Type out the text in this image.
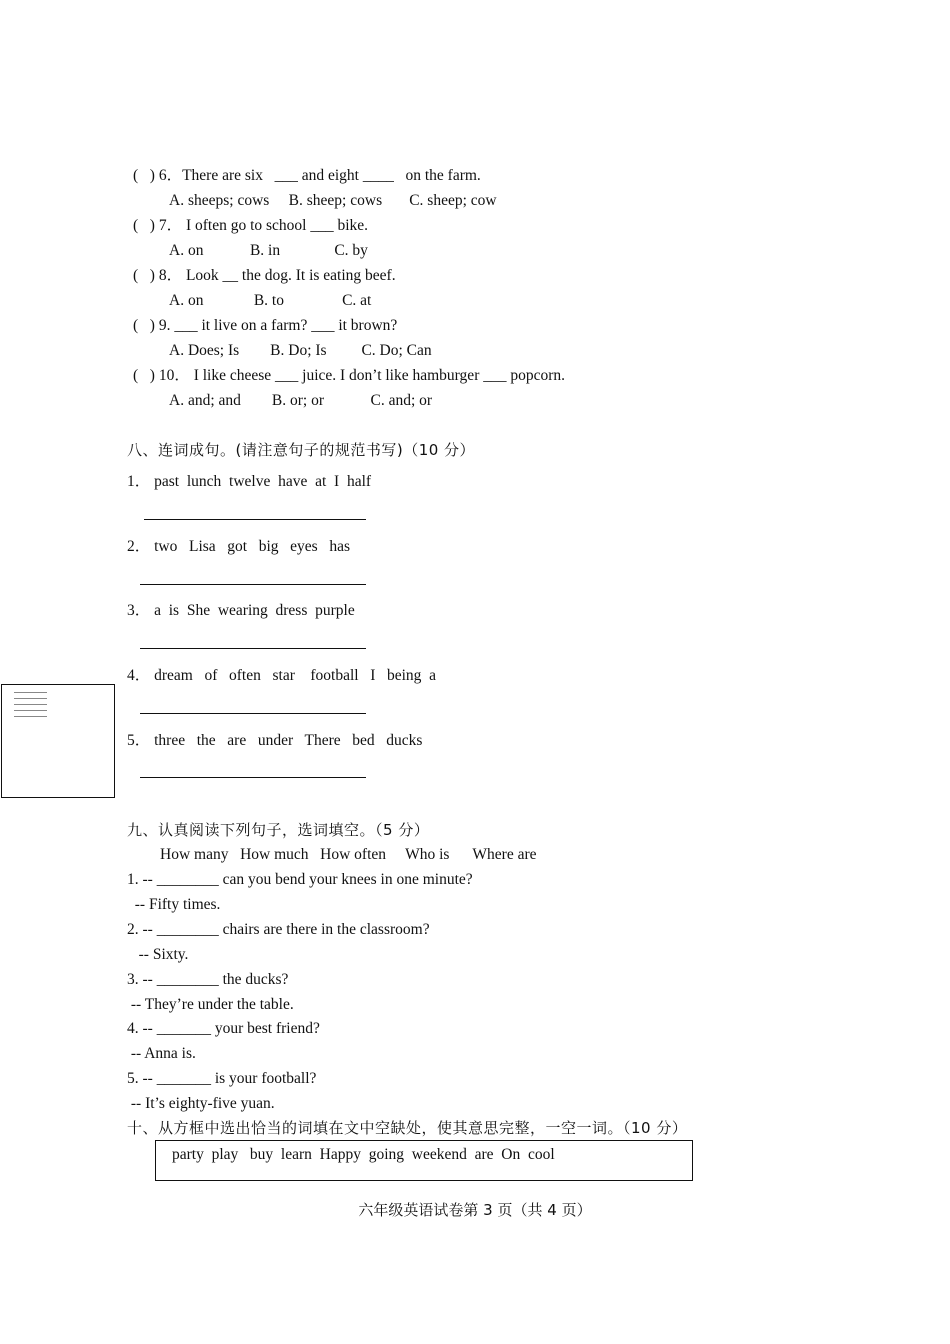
(   ) 6．There are six   ___ and eight ____   on the farm.
A. sheeps; cows     B. sheep; cows       C. sheep; cow
(   ) 7． I often go to school ___ bike.
A. on            B. in              C. by
(   ) 8． Look __ the dog. It is eating beef.
A. on             B. to               C. at
(   ) 9. ___ it live on a farm? ___ it brown?
A. Does; Is        B. Do; Is         C. Do; Can
(   ) 10． I like cheese ___ juice. I don’t like hamburger ___ popcorn.
A. and; and        B. or; or            C. and; or
八、连词成句。(请注意句子的规范书写)（10 分）
1． past  lunch  twelve  have  at  I  half
2． two   Lisa   got   big   eyes   has
3． a  is  She  wearing  dress  purple
4． dream   of   often   star    football   I   being  a
5． three   the   are   under   There   bed   ducks
九、认真阅读下列句子，选词填空。（5 分）
How many   How much   How often     Who is      Where are
1. -- ________ can you bend your knees in one minute?
-- Fifty times.
2. -- ________ chairs are there in the classroom?
-- Sixty.
3. -- ________ the ducks?
-- They’re under the table.
4. -- _______ your best friend?
-- Anna is.
5. -- _______ is your football?
-- It’s eighty-five yuan.
十、从方框中选出恰当的词填在文中空缺处，使其意思完整，一空一词。（10 分）
party  play   buy  learn  Happy  going  weekend  are  On  cool
六年级英语试卷第 3 页（共 4 页）
